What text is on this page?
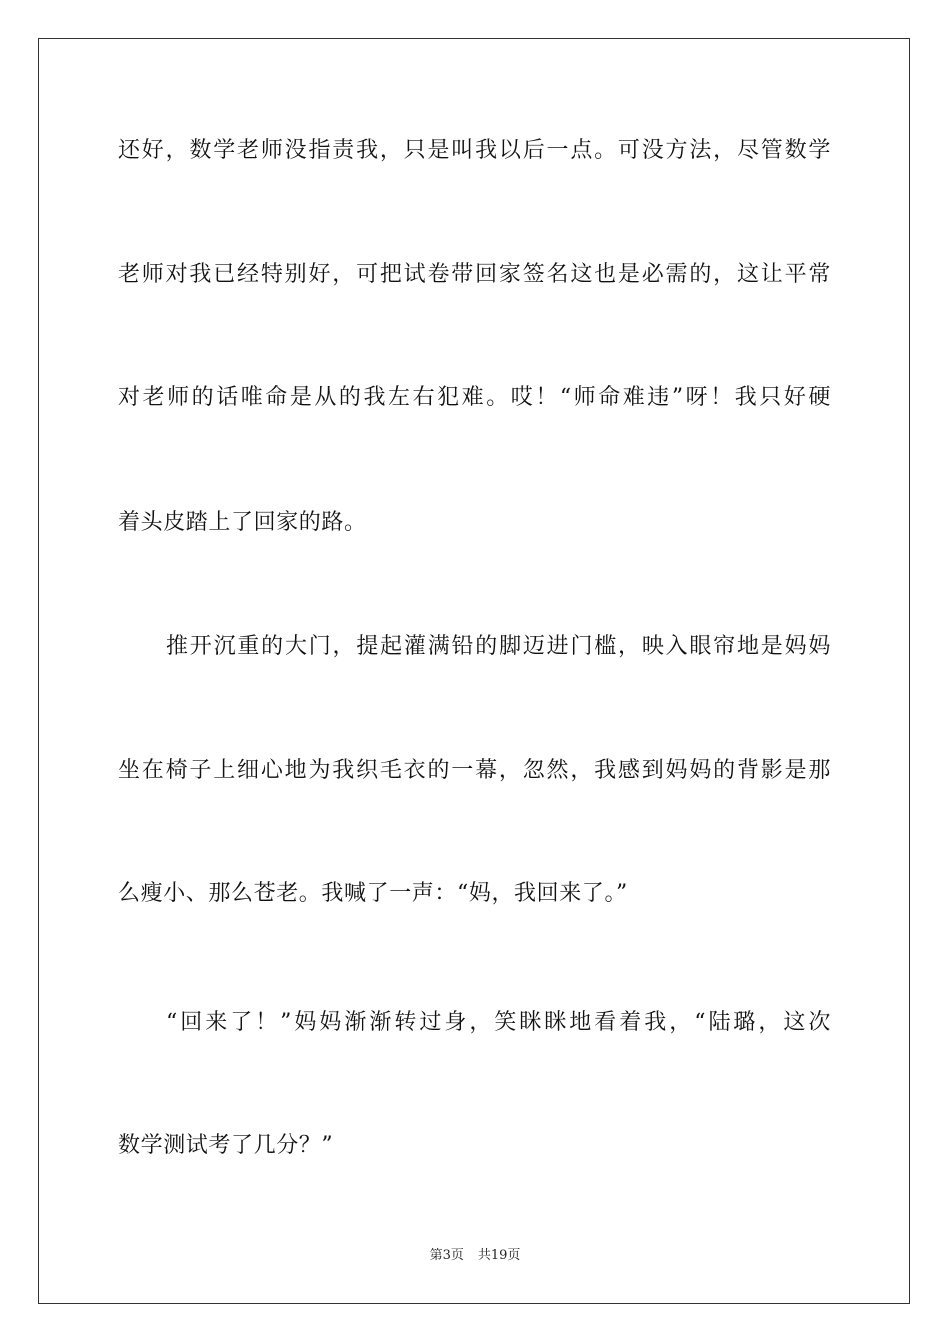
还好，数学老师没指责我，只是叫我以后一点。可没方法，尽管数学
老师对我已经特别好，可把试卷带回家签名这也是必需的，这让平常
对老师的话唯命是从的我左右犯难。哎！“师命难违”呀！我只好硬
着头皮踏上了回家的路。
推开沉重的大门，提起灌满铅的脚迈进门槛，映入眼帘地是妈妈
坐在椅子上细心地为我织毛衣的一幕，忽然，我感到妈妈的背影是那
么瘦小、那么苍老。我喊了一声：“妈，我回来了。”
“回来了！”妈妈渐渐转过身，笑眯眯地看着我，“陆璐，这次
数学测试考了几分？”
第3页 共19页
